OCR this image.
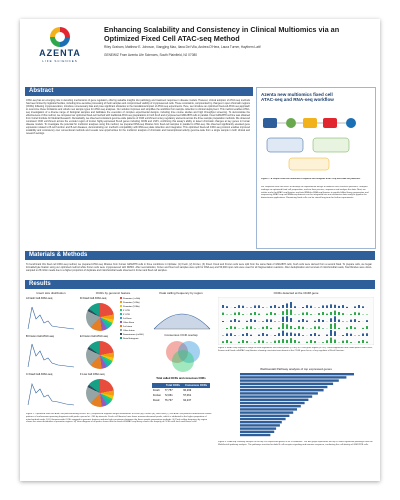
AZENTA
LIFE SCIENCES
Enhancing Scalability and Consistency in Clinical Multiomics via an Optimized Fixed Cell ATAC-seq Method
Riley Graham, Matthew E. Johnson, Xiangjing Mao, Ilana Del Vila, Andrea D'Hera, Laura Turner, Haythem Latif
GENEWIZ From Azenta Life Sciences, South Plainfield, NJ 07080
Abstract
ATAC-seq has an emerging role in decoding mechanisms of gene regulation, offering valuable insights into pathology and treatment response in disease models. However, clinical adoption of ATAC-seq methods has been limited by logistical hurdles, including time-sensitive processing of fresh samples and compromised viability of cryopreserved cells. These constraints, compounded by changes in open chromatin regions (OCRs) following cryopreservation, introduce unnecessary bias and pose significant obstacles to the translational impact of ATAC-seq experiments. Here, we introduce an optimized fixed-cell ATAC-seq approach to overcome these limitations and unlock new sample types for ATAC-seq analyses. Our solution improves and simplifies the workflow from sample collection to clinical deployment. This method enables ATAC-seq investigation of a diverse range of biological samples and facilitates the execution of complex experimental designs, including time course studies and high throughput screening. To demonstrate the effectiveness of this method, we compared our optimized fixed-cell method with traditional ATAC-seq preparations in both fresh and cryopreserved GM12878 cells in parallel. Fixed GM12878 cell line was obtained from Coriell Institute for Medical Research. Remarkably, we observed consistent genome-wide patterns of OCR enrichment at key regulatory elements across the three sample preparation methods. We observed consistent OCR enrichment across the encoder region of known highly-expressed B-cell genes including CD49 and LSP1, confirming this assay's ability to detect chromatin changes at key genes in human disease models. To investigate the potential for multiomic analyses using this method, we prepared RNA-seq libraries from fixed-cell samples in parallel to ATAC-seq. We observed significantly elevated gene expression related to B-cell function and B-cell diseases, demonstrating our method's compatibility with RNA-seq data collection and integration. This optimized fixed-cell ATAC-seq protocol enables improved scalability and consistency over conventional methods and reveals new opportunities for the multiomic analysis of chromatin and transcriptional activity genome-wide from a single sample in both clinical and research settings.
Azenta new multiomics fixed cell ATAC-seq and RNA-seq workflow
Figure 1. A simple fixed-cell workflow to capture and integrate ATAC-seq and RNA-seq datasets.
We cooperate with end users to develop an experimental design to address their research questions. Samples undergo an optimized fixed cell preparation, and we then process, sequence and analyze the data. Next, we isolate nuclei for ATAC-seq libraries and total RNA for RNA-seq libraries in parallel. After library preparation and sequencing, ATAC-seq and RNA-seq datasets can be integrated into our multiomics data analysis pipeline for downstream applications. Remaining fixed cells can be stored long-term for further experiments.
Materials & Methods
To benchmark this fixed cell ATAC-seq method, we prepared ATAC-seq libraries from human GM12878 cells in three conditions in triplicate: (1) Fresh, (2) Frozen, (3) Fixed. Fixed and Frozen cells were split from the same flask of GM12878 cells; fresh cells were derived from a second flask. To prepare cells, we began formaldehyde fixation using our optimized method while frozen cells were cryopreserved with DMSO. After reconstitution, frozen and fixed cell samples were split for RNA-seq and 50,000 input cells were used for all fragmentation reactions. After deduplication and removal of mitochondrial reads, final libraries were down-sampled to 25 million reads due to a higher proportion of duplicate and mitochondrial reads observed in frozen and fixed cell samples.
Results
Insert size distribution
A Fresh Cell ATAC-seq
B Frozen Cell ATAC-seq
C Fixed Cell ATAC-seq
OCRs by genomic feature
D Fixed Cell ATAC-seq
E Frozen Cell ATAC-seq
F Live Cell ATAC-seq
Peak calling frequency by region
Consensus OCR overlap
Total called OCRs and consensus OCRs
	Total OCRs	Consensus OCRs
Fresh	77,757	66,299
Frozen	72,061	57,061
Fixed	76,737	62,237
Promoter (<=1kb)
Promoter (1-2kb)
Promoter (2-3kb)
5' UTR
3' UTR
1st Exon
Other Exon
1st Intron
Other Intron
Downstream (<=300)
Distal Intergenic
Figure 2. Optimized fixed cell ATAC-seq benchmarking results. A-C) Sequenced fragment length distributions of Fresh (A), Frozen (B), and Fixed (C) cell ATAC-seq libraries demonstrate similar patterns of nucleosome-spanning fragments with peaks spaced at ~200 bp intervals. Fresh cell libraries have fewer mononucleosomal peaks, which is attributed to the higher proportion of mitochondrial reads. D-F) Genome-wide OCRs mapped to genomic features indicate high consistency between the three sample preparation methods. G) Peak calling frequency by region shows the same distribution of promoter regions. H) Venn diagram of all peaks shows that the fixed cell ATAC-seq library shares the majority of OCRs with fresh and frozen cells.
OCRs detected at the CD48 gene
Figure 3. ATAC-seq sequence image of read alignments and called peaks (OCRs) at CD48 gene region (in IGV). Read alignments and called peaks from Fresh, Frozen and Fixed cell ATAC-seq libraries showing consistent enrichment at the CD48 gene locus, a key regulator of B-cell function.
WebGestalt Pathway analysis of top expressed genes
Figure 4. RNA-seq Pathway analysis of the top 250 expressed genes in all 3 conditions. The bar graph represents the top 20 most significant pathways from the WebGestalt pathway analysis. The pathways enriched include B cell receptor signaling and immune response, confirming the cell identity of GM12878 cells.
